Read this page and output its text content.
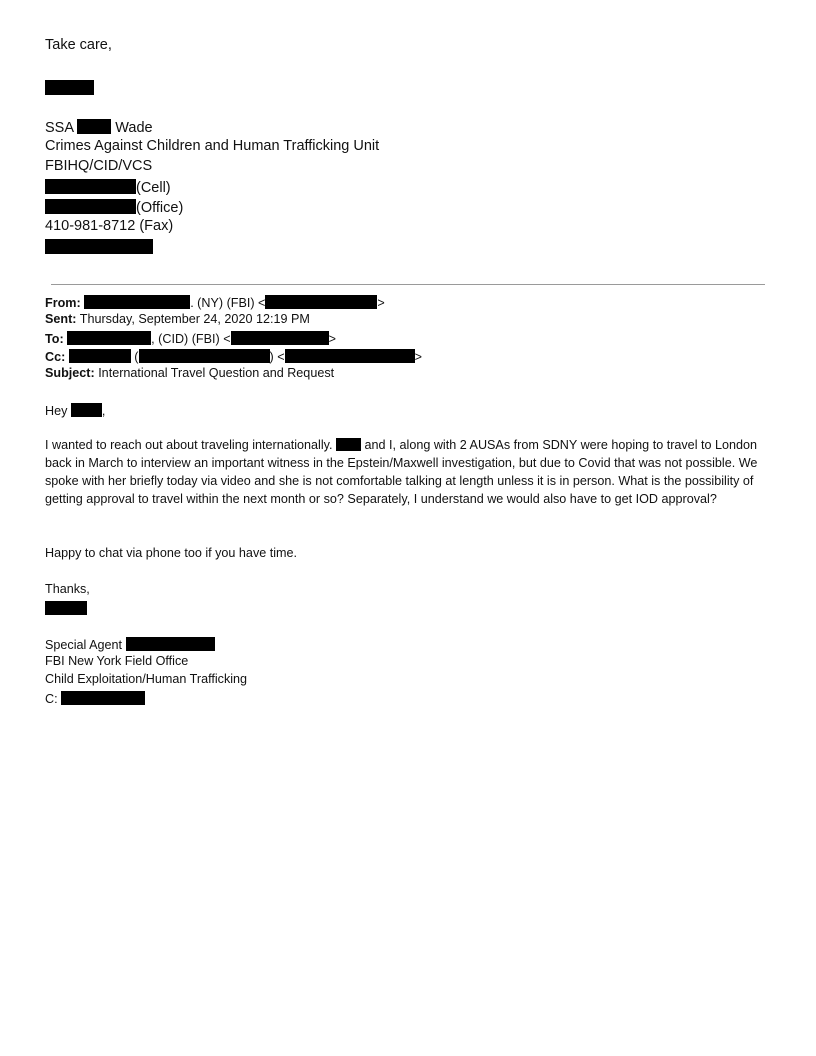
Take care,
SSA	Wade
Crimes Against Children and Human Trafficking Unit
FBIHQ/CID/VCS
(Cell)
(Office)
410-981-8712 (Fax)
From:	. (NY) (FBI) <	>
Sent: Thursday, September 24, 2020 12:19 PM
To:	, (CID) (FBI) <	>
Cc:	(	) <	>
Subject: International Travel Question and Request
Hey	,
I wanted to reach out about traveling internationally.	and I, along with 2 AUSAs from SDNY were hoping to travel to London back in March to interview an important witness in the Epstein/Maxwell investigation, but due to Covid that was not possible. We spoke with her briefly today via video and she is not comfortable talking at length unless it is in person. What is the possibility of getting approval to travel within the next month or so? Separately, I understand we would also have to get IOD approval?
Happy to chat via phone too if you have time.
Thanks,
Special Agent
FBI New York Field Office
Child Exploitation/Human Trafficking
C:
